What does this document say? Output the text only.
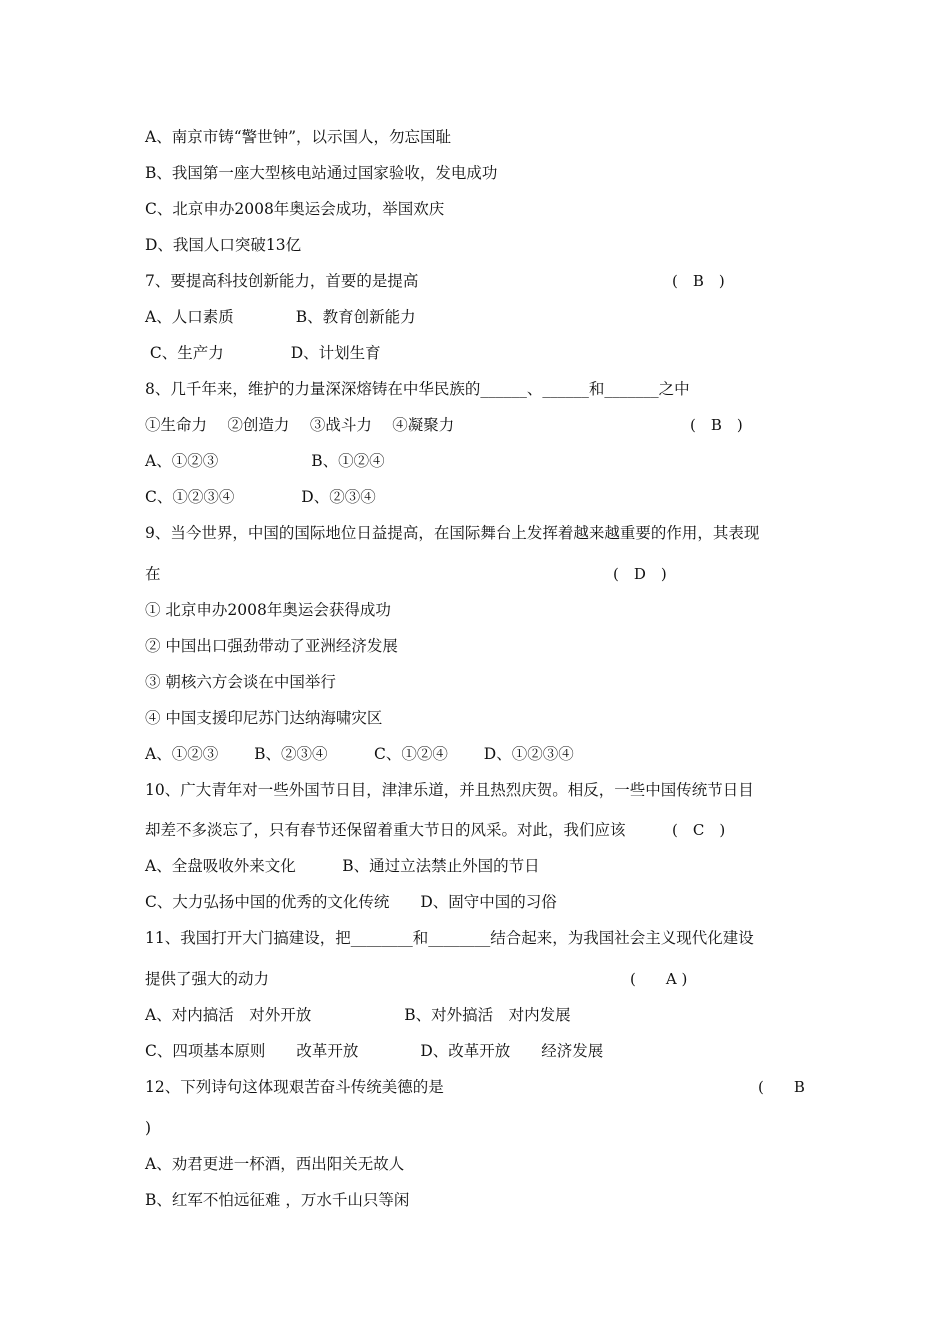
A、南京市铸“警世钟”，以示国人，勿忘国耻
B、我国第一座大型核电站通过国家验收，发电成功
C、北京申办2008年奥运会成功，举国欢庆
D、我国人口突破13亿
7、要提高科技创新能力，首要的是提高	(　B　)
A、人口素质　　　　B、教育创新能力
C、生产力　　　　 D、计划生育
8、几千年来，维护的力量深深熔铸在中华民族的______、______和_______之中
①生命力　 ②创造力　 ③战斗力　 ④凝聚力	(　B　)
A、①②③　　　　　　B、①②④
C、①②③④　　　　 D、②③④
9、当今世界，中国的国际地位日益提高，在国际舞台上发挥着越来越重要的作用，其表现
在	(　D　)
① 北京申办2008年奥运会获得成功
② 中国出口强劲带动了亚洲经济发展
③ 朝核六方会谈在中国举行
④ 中国支援印尼苏门达纳海啸灾区
A、①②③　　 B、②③④　　　C、①②④　　 D、①②③④
10、广大青年对一些外国节日目，津津乐道，并且热烈庆贺。相反，一些中国传统节日目
却差不多淡忘了，只有春节还保留着重大节日的风采。对此，我们应该	(　C　)
A、全盘吸收外来文化　　　B、通过立法禁止外国的节日
C、大力弘扬中国的优秀的文化传统　　D、固守中国的习俗
11、我国打开大门搞建设，把________和________结合起来，为我国社会主义现代化建设
提供了强大的动力	(　　A )
A、对内搞活　对外开放　　　　　　B、对外搞活　对内发展
C、四项基本原则　　改革开放　　　　D、改革开放　　经济发展
12、下列诗句这体现艰苦奋斗传统美德的是	(　　B
)
A、劝君更进一杯酒，西出阳关无故人
B、红军不怕远征难 ，万水千山只等闲
